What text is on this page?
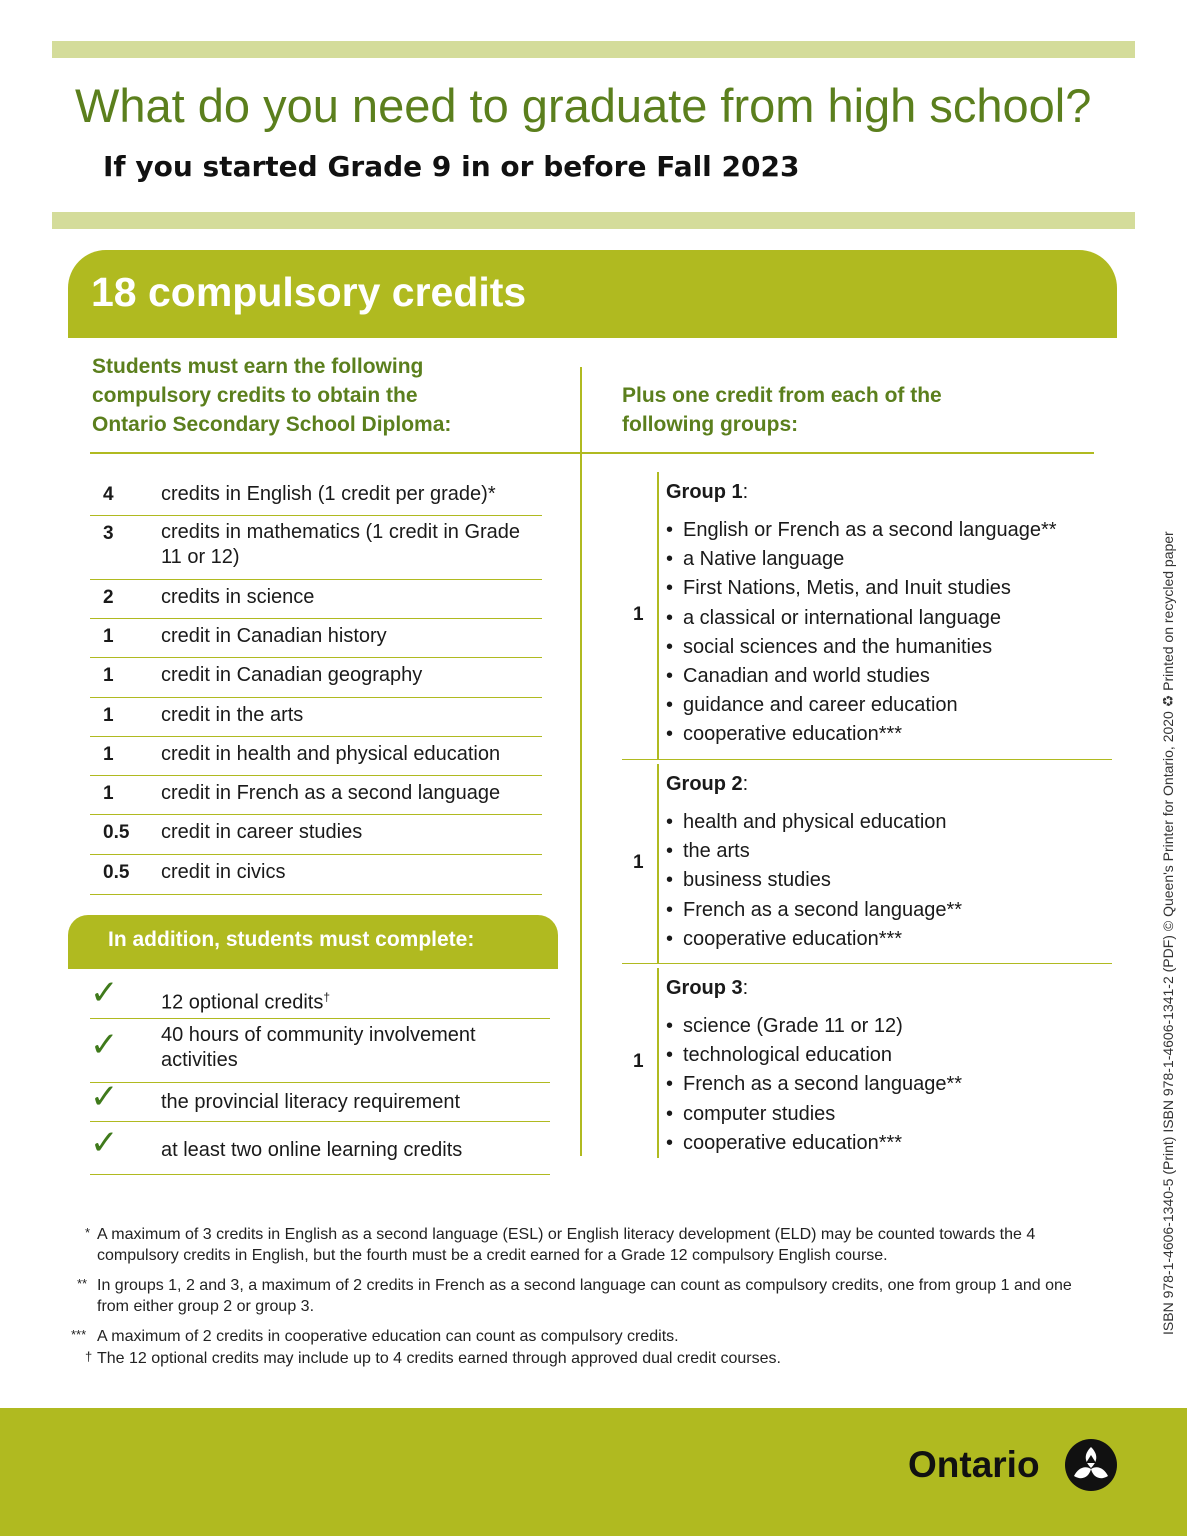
What do you need to graduate from high school?
If you started Grade 9 in or before Fall 2023
18 compulsory credits
Students must earn the following compulsory credits to obtain the Ontario Secondary School Diploma:
Plus one credit from each of the following groups:
4 credits in English (1 credit per grade)*
3 credits in mathematics (1 credit in Grade 11 or 12)
2 credits in science
1 credit in Canadian history
1 credit in Canadian geography
1 credit in the arts
1 credit in health and physical education
1 credit in French as a second language
0.5 credit in career studies
0.5 credit in civics
In addition, students must complete:
✓ 12 optional credits†
✓ 40 hours of community involvement activities
✓ the provincial literacy requirement
✓ at least two online learning credits
1
Group 1:
• English or French as a second language**
• a Native language
• First Nations, Metis, and Inuit studies
• a classical or international language
• social sciences and the humanities
• Canadian and world studies
• guidance and career education
• cooperative education***
1
Group 2:
• health and physical education
• the arts
• business studies
• French as a second language**
• cooperative education***
1
Group 3:
• science (Grade 11 or 12)
• technological education
• French as a second language**
• computer studies
• cooperative education***
* A maximum of 3 credits in English as a second language (ESL) or English literacy development (ELD) may be counted towards the 4 compulsory credits in English, but the fourth must be a credit earned for a Grade 12 compulsory English course.
** In groups 1, 2 and 3, a maximum of 2 credits in French as a second language can count as compulsory credits, one from group 1 and one from either group 2 or group 3.
*** A maximum of 2 credits in cooperative education can count as compulsory credits.
† The 12 optional credits may include up to 4 credits earned through approved dual credit courses.
ISBN 978-1-4606-1340-5 (Print) ISBN 978-1-4606-1341-2 (PDF) © Queen's Printer for Ontario, 2020 ♻ Printed on recycled paper
Ontario
